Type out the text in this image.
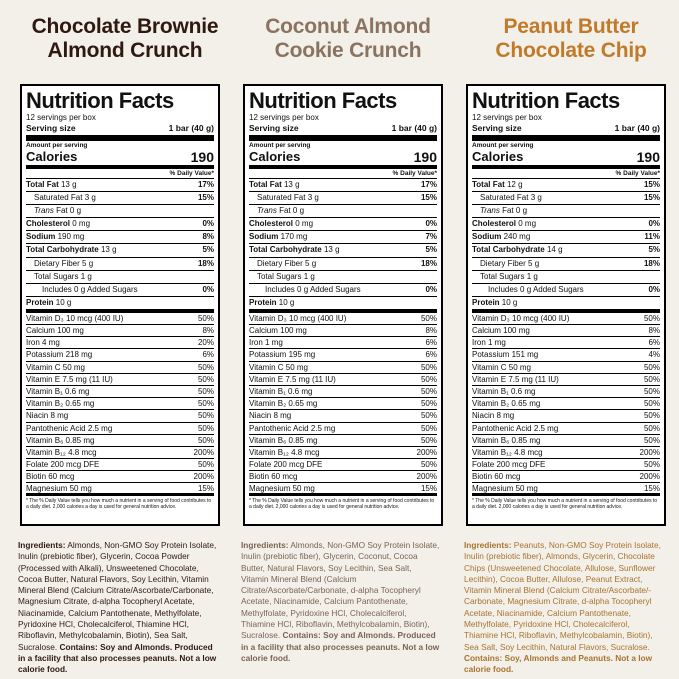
Chocolate Brownie
Almond Crunch
Nutrition Facts
12 servings per box
Serving size	1 bar (40 g)
Amount per serving
Calories	190
% Daily Value*
Total Fat 13 g	17%
Saturated Fat 3 g	15%
Trans Fat 0 g
Cholesterol 0 mg	0%
Sodium 190 mg	8%
Total Carbohydrate 13 g	5%
Dietary Fiber 5 g	18%
Total Sugars 1 g
Includes 0 g Added Sugars	0%
Protein 10 g
Vitamin D₃ 10 mcg (400 IU)	50%
Calcium 100 mg	8%
Iron 4 mg	20%
Potassium 218 mg	6%
Vitamin C 50 mg	50%
Vitamin E 7.5 mg (11 IU)	50%
Vitamin B₁ 0.6 mg	50%
Vitamin B₂ 0.65 mg	50%
Niacin 8 mg	50%
Pantothenic Acid 2.5 mg	50%
Vitamin B₆ 0.85 mg	50%
Vitamin B₁₂ 4.8 mcg	200%
Folate 200 mcg DFE	50%
Biotin 60 mcg	200%
Magnesium 50 mg	15%
* The % Daily Value tells you how much a nutrient in a serving of food contributes to a daily diet. 2,000 calories a day is used for general nutrition advice.
Ingredients: Almonds, Non-GMO Soy Protein Isolate, Inulin (prebiotic fiber), Glycerin, Cocoa Powder (Processed with Alkali), Unsweetened Chocolate, Cocoa Butter, Natural Flavors, Soy Lecithin, Vitamin Mineral Blend (Calcium Citrate/Ascorbate/Carbonate, Magnesium Citrate, d-alpha Tocopheryl Acetate, Niacinamide, Calcium Pantothenate, Methylfolate, Pyridoxine HCl, Cholecalciferol, Thiamine HCl, Riboflavin, Methylcobalamin, Biotin), Sea Salt, Sucralose. Contains: Soy and Almonds. Produced in a facility that also processes peanuts. Not a low calorie food.
Coconut Almond
Cookie Crunch
Nutrition Facts
12 servings per box
Serving size	1 bar (40 g)
Amount per serving
Calories	190
% Daily Value*
Total Fat 13 g	17%
Saturated Fat 3 g	15%
Trans Fat 0 g
Cholesterol 0 mg	0%
Sodium 170 mg	7%
Total Carbohydrate 13 g	5%
Dietary Fiber 5 g	18%
Total Sugars 1 g
Includes 0 g Added Sugars	0%
Protein 10 g
Vitamin D₃ 10 mcg (400 IU)	50%
Calcium 100 mg	8%
Iron 1 mg	6%
Potassium 195 mg	6%
Vitamin C 50 mg	50%
Vitamin E 7.5 mg (11 IU)	50%
Vitamin B₁ 0.6 mg	50%
Vitamin B₂ 0.65 mg	50%
Niacin 8 mg	50%
Pantothenic Acid 2.5 mg	50%
Vitamin B₆ 0.85 mg	50%
Vitamin B₁₂ 4.8 mcg	200%
Folate 200 mcg DFE	50%
Biotin 60 mcg	200%
Magnesium 50 mg	15%
* The % Daily Value tells you how much a nutrient in a serving of food contributes to a daily diet. 2,000 calories a day is used for general nutrition advice.
Ingredients: Almonds, Non-GMO Soy Protein Isolate, Inulin (prebiotic fiber), Glycerin, Coconut, Cocoa Butter, Natural Flavors, Soy Lecithin, Sea Salt, Vitamin Mineral Blend (Calcium Citrate/Ascorbate/Carbonate, d-alpha Tocopheryl Acetate, Niacinamide, Calcium Pantothenate, Methylfolate, Pyridoxine HCl, Cholecalciferol, Thiamine HCl, Riboflavin, Methylcobalamin, Biotin), Sucralose. Contains: Soy and Almonds. Produced in a facility that also processes peanuts. Not a low calorie food.
Peanut Butter
Chocolate Chip
Nutrition Facts
12 servings per box
Serving size	1 bar (40 g)
Amount per serving
Calories	190
% Daily Value*
Total Fat 12 g	15%
Saturated Fat 3 g	15%
Trans Fat 0 g
Cholesterol 0 mg	0%
Sodium 240 mg	11%
Total Carbohydrate 14 g	5%
Dietary Fiber 5 g	18%
Total Sugars 1 g
Includes 0 g Added Sugars	0%
Protein 10 g
Vitamin D₃ 10 mcg (400 IU)	50%
Calcium 100 mg	8%
Iron 1 mg	6%
Potassium 151 mg	4%
Vitamin C 50 mg	50%
Vitamin E 7.5 mg (11 IU)	50%
Vitamin B₁ 0.6 mg	50%
Vitamin B₂ 0.65 mg	50%
Niacin 8 mg	50%
Pantothenic Acid 2.5 mg	50%
Vitamin B₆ 0.85 mg	50%
Vitamin B₁₂ 4.8 mcg	200%
Folate 200 mcg DFE	50%
Biotin 60 mcg	200%
Magnesium 50 mg	15%
* The % Daily Value tells you how much a nutrient in a serving of food contributes to a daily diet. 2,000 calories a day is used for general nutrition advice.
Ingredients: Peanuts, Non-GMO Soy Protein Isolate, Inulin (prebiotic fiber), Almonds, Glycerin, Chocolate Chips (Unsweetened Chocolate, Allulose, Sunflower Lecithin), Cocoa Butter, Allulose, Peanut Extract, Vitamin Mineral Blend (Calcium Citrate/Ascorbate/-Carbonate, Magnesium Citrate, d-alpha Tocopheryl Acetate, Niacinamide, Calcium Pantothenate, Methylfolate, Pyridoxine HCl, Cholecalciferol, Thiamine HCl, Riboflavin, Methylcobalamin, Biotin), Sea Salt, Soy Lecithin, Natural Flavors, Sucralose. Contains: Soy, Almonds and Peanuts. Not a low calorie food.
